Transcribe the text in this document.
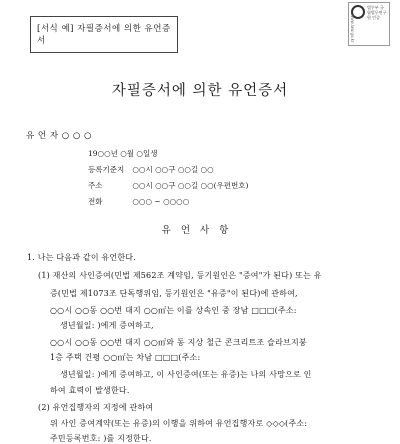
[서식 예] 자필증서에 의한 유언증서
법무부 국립법무연구원 인증
www.law.go.kr
자필증서에 의한 유언증서
유 언 자 ○ ○ ○
19○○년 ○월 ○일생
등록기준지 ○○시 ○○구 ○○길 ○○
주소	○○시 ○○구 ○○길 ○○(우편번호)
전화	○○○ ~ ○○○○
유언사항
1. 나는 다음과 같이 유언한다.
(1) 재산의 사인증여(민법 제562조 계약임, 등기원인은 "증여"가 된다) 또는 유
증(민법 제1073조 단독행위임, 등기원인은 "유증"이 된다)에 관하여,
○○시 ○○동 ○○번 대지 ○○㎡는 이를 상속인 중 장남 □□□(주소:
생년월일: )에게 증여하고,
○○시 ○○동 ○○번 대지 ○○㎡와 동 지상 철근 콘크리트조 슬라브지붕
1층 주택 건평 ○○㎡는 차남 □□□(주소:
생년월일: )에게 증여하고, 이 사인증여(또는 유증)는 나의 사망으로 인
하여 효력이 발생한다.
(2) 유언집행자의 지정에 관하여
위 사인 증여계약(또는 유증)의 이행을 위하여 유언집행자로 ◇◇◇(주소:
주민등록번호: )를 지정한다.
